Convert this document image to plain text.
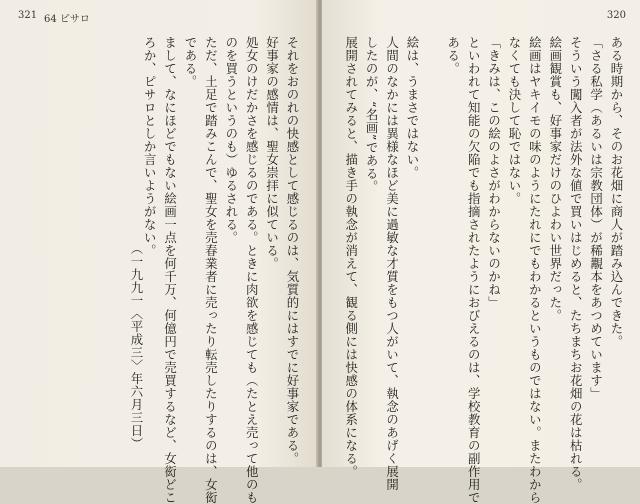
321 64 ピサロ	320
ある時期から、そのお花畑に商人が踏み込んできた。
「さる私学（あるいは宗教団体）が稀覯本をあつめています」
そういう闖入者が法外な値で買いはじめると、たちまちお花畑の花は枯れる。
絵画観賞も、好事家だけのひよわい世界だった。
絵画はヤキイモの味のようにたれにでもわかるというものではない。またわから
なくても決して恥ではない。
「きみは、この絵のよさがわからないのかね」
といわれて知能の欠陥でも指摘されたようにおびえるのは、学校教育の副作用で
ある。
絵は、うまさではない。
人間のなかには異様なほど美に過敏な才質をもつ人がいて、執念のあげく展開
したのが、“名画”である。
展開されてみると、描き手の執念が消えて、観る側には快感の体系になる。
それをおのれの快感として感じるのは、気質的にはすでに好事家である。
好事家の感情は、聖女崇拝に似ている。
処女のけだかさを感じるのである。ときに肉欲を感じても（たとえ売って他のも
のを買うというのも）ゆるされる。
ただ、土足で踏みこんで、聖女を売春業者に売ったり転売したりするのは、女衒
である。
まして、なにほどでもない絵画一点を何千万、何億円で売買するなど、女衒どこ
ろか、ピサロとしか言いようがない。
（一九九一〈平成三〉年六月三日）
